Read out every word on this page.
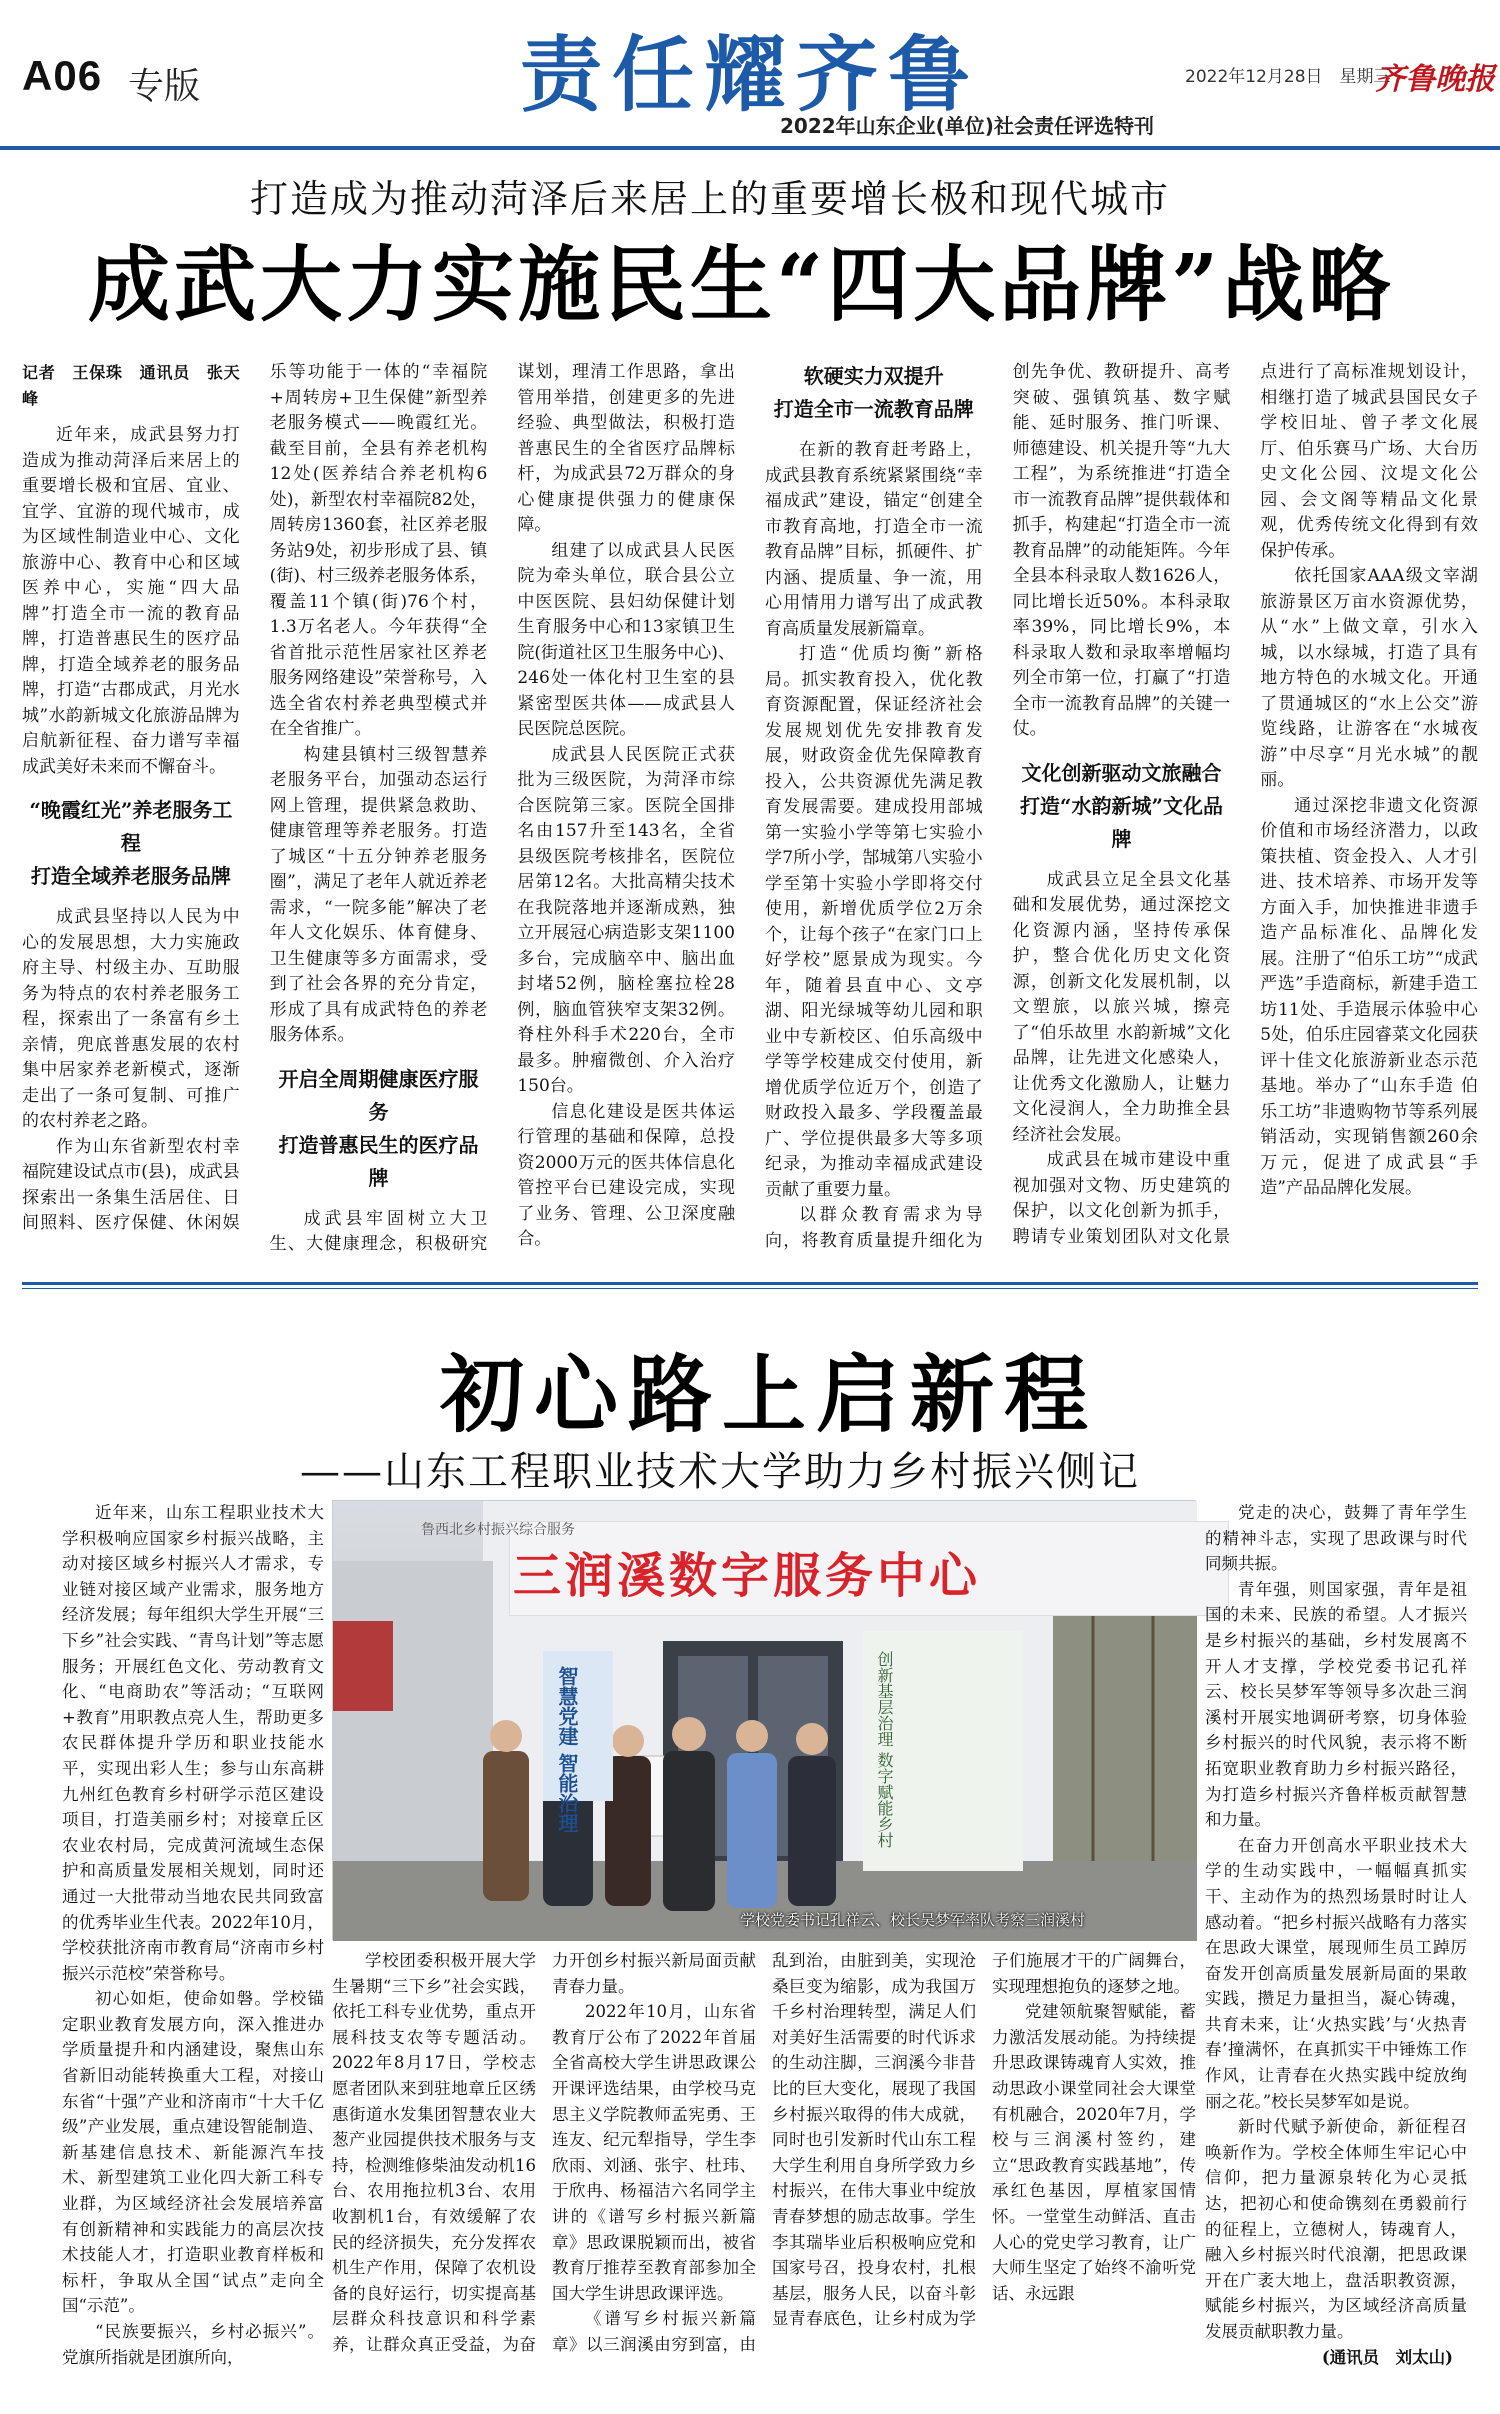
A06 专版	责任耀齐鲁
2022年山东企业(单位)社会责任评选特刊
2022年12月28日　星期三
齐鲁晚报
打造成为推动菏泽后来居上的重要增长极和现代城市
成武大力实施民生“四大品牌”战略
记者　王保珠　通讯员　张天峰

近年来，成武县努力打造成为推动菏泽后来居上的重要增长极和宜居、宜业、宜学、宜游的现代城市，成为区域性制造业中心、文化旅游中心、教育中心和区域医养中心，实施“四大品牌”打造全市一流的教育品牌，打造普惠民生的医疗品牌，打造全域养老的服务品牌，打造“古郡成武，月光水城”水韵新城文化旅游品牌为启航新征程、奋力谱写幸福成武美好未来而不懈奋斗。

“晚霞红光”养老服务工程
打造全域养老服务品牌

成武县坚持以人民为中心的发展思想，大力实施政府主导、村级主办、互助服务为特点的农村养老服务工程，探索出了一条富有乡土亲情，兜底普惠发展的农村集中居家养老新模式，逐渐走出了一条可复制、可推广的农村养老之路。

作为山东省新型农村幸福院建设试点市(县)，成武县探索出一条集生活居住、日间照料、医疗保健、休闲娱乐等功能于一体的“幸福院+周转房+卫生保健”新型养老服务模式——晚霞红光。截至目前，全县有养老机构12处(医养结合养老机构6处)，新型农村幸福院82处，周转房1360套，社区养老服务站9处，初步形成了县、镇(街)、村三级养老服务体系，覆盖11个镇(街)76个村，1.3万名老人。今年获得“全省首批示范性居家社区养老服务网络建设”荣誉称号，入选全省农村养老典型模式并在全省推广。

构建县镇村三级智慧养老服务平台，加强动态运行网上管理，提供紧急救助、健康管理等养老服务。打造了城区“十五分钟养老服务圈”，满足了老年人就近养老需求，“一院多能”解决了老年人文化娱乐、体育健身、卫生健康等多方面需求，受到了社会各界的充分肯定，形成了具有成武特色的养老服务体系。

开启全周期健康医疗服务
打造普惠民生的医疗品牌

成武县牢固树立大卫生、大健康理念，积极研究谋划，理清工作思路，拿出管用举措，创建更多的先进经验、典型做法，积极打造普惠民生的全省医疗品牌标杆，为成武县72万群众的身心健康提供强力的健康保障。

组建了以成武县人民医院为牵头单位，联合县公立中医医院、县妇幼保健计划生育服务中心和13家镇卫生院(街道社区卫生服务中心)、246处一体化村卫生室的县紧密型医共体——成武县人民医院总医院。

成武县人民医院正式获批为三级医院，为菏泽市综合医院第三家。医院全国排名由157升至143名，全省县级医院考核排名，医院位居第12名。大批高精尖技术在我院落地并逐渐成熟，独立开展冠心病造影支架1100多台，完成脑卒中、脑出血封堵52例，脑栓塞拉栓28例，脑血管狭窄支架32例。脊柱外科手术220台，全市最多。肿瘤微创、介入治疗150台。

信息化建设是医共体运行管理的基础和保障，总投资2000万元的医共体信息化管控平台已建设完成，实现了业务、管理、公卫深度融合。

软硬实力双提升
打造全市一流教育品牌

在新的教育赶考路上，成武县教育系统紧紧围绕“幸福成武”建设，锚定“创建全市教育高地，打造全市一流教育品牌”目标，抓硬件、扩内涵、提质量、争一流，用心用情用力谱写出了成武教育高质量发展新篇章。

打造“优质均衡”新格局。抓实教育投入，优化教育资源配置，保证经济社会发展规划优先安排教育发展，财政资金优先保障教育投入，公共资源优先满足教育发展需要。建成投用部城第一实验小学等第七实验小学7所小学，郜城第八实验小学至第十实验小学即将交付使用，新增优质学位2万余个，让每个孩子“在家门口上好学校”愿景成为现实。今年，随着县直中心、文亭湖、阳光绿城等幼儿园和职业中专新校区、伯乐高级中学等学校建成交付使用，新增优质学位近万个，创造了财政投入最多、学段覆盖最广、学位提供最多大等多项纪录，为推动幸福成武建设贡献了重要力量。

以群众教育需求为导向，将教育质量提升细化为创先争优、教研提升、高考突破、强镇筑基、数字赋能、延时服务、推门听课、师德建设、机关提升等“九大工程”，为系统推进“打造全市一流教育品牌”提供载体和抓手，构建起“打造全市一流教育品牌”的动能矩阵。今年全县本科录取人数1626人，同比增长近50%。本科录取率39%，同比增长9%，本科录取人数和录取率增幅均列全市第一位，打赢了“打造全市一流教育品牌”的关键一仗。

文化创新驱动文旅融合
打造“水韵新城”文化品牌

成武县立足全县文化基础和发展优势，通过深挖文化资源内涵，坚持传承保护，整合优化历史文化资源，创新文化发展机制，以文塑旅，以旅兴城，擦亮了“伯乐故里 水韵新城”文化品牌，让先进文化感染人，让优秀文化激励人，让魅力文化浸润人，全力助推全县经济社会发展。

成武县在城市建设中重视加强对文物、历史建筑的保护，以文化创新为抓手，聘请专业策划团队对文化景点进行了高标准规划设计，相继打造了城武县国民女子学校旧址、曾子孝文化展厅、伯乐赛马广场、大台历史文化公园、汶堤文化公园、会文阁等精品文化景观，优秀传统文化得到有效保护传承。

依托国家AAA级文宰湖旅游景区万亩水资源优势，从“水”上做文章，引水入城，以水绿城，打造了具有地方特色的水城文化。开通了贯通城区的“水上公交”游览线路，让游客在“水城夜游”中尽享“月光水城”的靓丽。

通过深挖非遗文化资源价值和市场经济潜力，以政策扶植、资金投入、人才引进、技术培养、市场开发等方面入手，加快推进非遗手造产品标准化、品牌化发展。注册了“伯乐工坊”“成武严选”手造商标，新建手造工坊11处、手造展示体验中心5处，伯乐庄园睿菜文化园获评十佳文化旅游新业态示范基地。举办了“山东手造 伯乐工坊”非遗购物节等系列展销活动，实现销售额260余万元，促进了成武县“手造”产品品牌化发展。

初心路上启新程
——山东工程职业技术大学助力乡村振兴侧记

近年来，山东工程职业技术大学积极响应国家乡村振兴战略，主动对接区域乡村振兴人才需求，专业链对接区域产业需求，服务地方经济发展；每年组织大学生开展“三下乡”社会实践、“青鸟计划”等志愿服务；开展红色文化、劳动教育文化、“电商助农”等活动；“互联网+教育”用职教点亮人生，帮助更多农民群体提升学历和职业技能水平，实现出彩人生；参与山东高耕九州红色教育乡村研学示范区建设项目，打造美丽乡村；对接章丘区农业农村局，完成黄河流域生态保护和高质量发展相关规划，同时还通过一大批带动当地农民共同致富的优秀毕业生代表。2022年10月，学校获批济南市教育局“济南市乡村振兴示范校”荣誉称号。

初心如炬，使命如磐。学校锚定职业教育发展方向，深入推进办学质量提升和内涵建设，聚焦山东省新旧动能转换重大工程，对接山东省“十强”产业和济南市“十大千亿级”产业发展，重点建设智能制造、新基建信息技术、新能源汽车技术、新型建筑工业化四大新工科专业群，为区域经济社会发展培养富有创新精神和实践能力的高层次技术技能人才，打造职业教育样板和标杆，争取从全国“试点”走向全国“示范”。

“民族要振兴，乡村必振兴”。党旗所指就是团旗所向，

鲁西北乡村振兴综合服务
三润溪数字服务中心
智慧党建 智能治理	创新基层治理 数字赋能乡村
学校党委书记孔祥云、校长吴梦军率队考察三润溪村

学校团委积极开展大学生暑期“三下乡”社会实践，依托工科专业优势，重点开展科技支农等专题活动。2022年8月17日，学校志愿者团队来到驻地章丘区绣惠街道水发集团智慧农业大葱产业园提供技术服务与支持，检测维修柴油发动机16台、农用拖拉机3台、农用收割机1台，有效缓解了农民的经济损失，充分发挥农机生产作用，保障了农机设备的良好运行，切实提高基层群众科技意识和科学素养，让群众真正受益，为奋力开创乡村振兴新局面贡献青春力量。

2022年10月，山东省教育厅公布了2022年首届全省高校大学生讲思政课公开课评选结果，由学校马克思主义学院教师孟宪勇、王连友、纪元犁指导，学生李欣雨、刘涵、张宇、杜玮、于欣冉、杨福洁六名同学主讲的《谱写乡村振兴新篇章》思政课脱颖而出，被省教育厅推荐至教育部参加全国大学生讲思政课评选。

《谱写乡村振兴新篇章》以三润溪由穷到富，由乱到治，由脏到美，实现沧桑巨变为缩影，成为我国万千乡村治理转型，满足人们对美好生活需要的时代诉求的生动注脚，三润溪今非昔比的巨大变化，展现了我国乡村振兴取得的伟大成就，同时也引发新时代山东工程大学生利用自身所学致力乡村振兴，在伟大事业中绽放青春梦想的励志故事。学生李其瑞毕业后积极响应党和国家号召，投身农村，扎根基层，服务人民，以奋斗彰显青春底色，让乡村成为学子们施展才干的广阔舞台，实现理想抱负的逐梦之地。

党建领航聚智赋能，蓄力激活发展动能。为持续提升思政课铸魂育人实效，推动思政小课堂同社会大课堂有机融合，2020年7月，学校与三润溪村签约，建立“思政教育实践基地”，传承红色基因，厚植家国情怀。一堂堂生动鲜活、直击人心的党史学习教育，让广大师生坚定了始终不渝听党话、永远跟

党走的决心，鼓舞了青年学生的精神斗志，实现了思政课与时代同频共振。

青年强，则国家强，青年是祖国的未来、民族的希望。人才振兴是乡村振兴的基础，乡村发展离不开人才支撑，学校党委书记孔祥云、校长吴梦军等领导多次赴三润溪村开展实地调研考察，切身体验乡村振兴的时代风貌，表示将不断拓宽职业教育助力乡村振兴路径，为打造乡村振兴齐鲁样板贡献智慧和力量。

在奋力开创高水平职业技术大学的生动实践中，一幅幅真抓实干、主动作为的热烈场景时时让人感动着。“把乡村振兴战略有力落实在思政大课堂，展现师生员工踔厉奋发开创高质量发展新局面的果敢实践，攒足力量担当，凝心铸魂，共育未来，让‘火热实践’与‘火热青春’撞满怀，在真抓实干中锤炼工作作风，让青春在火热实践中绽放绚丽之花。”校长吴梦军如是说。

新时代赋予新使命，新征程召唤新作为。学校全体师生牢记心中信仰，把力量源泉转化为心灵抵达，把初心和使命镌刻在勇毅前行的征程上，立德树人，铸魂育人，融入乡村振兴时代浪潮，把思政课开在广袤大地上，盘活职教资源，赋能乡村振兴，为区域经济高质量发展贡献职教力量。

(通讯员　刘太山)
